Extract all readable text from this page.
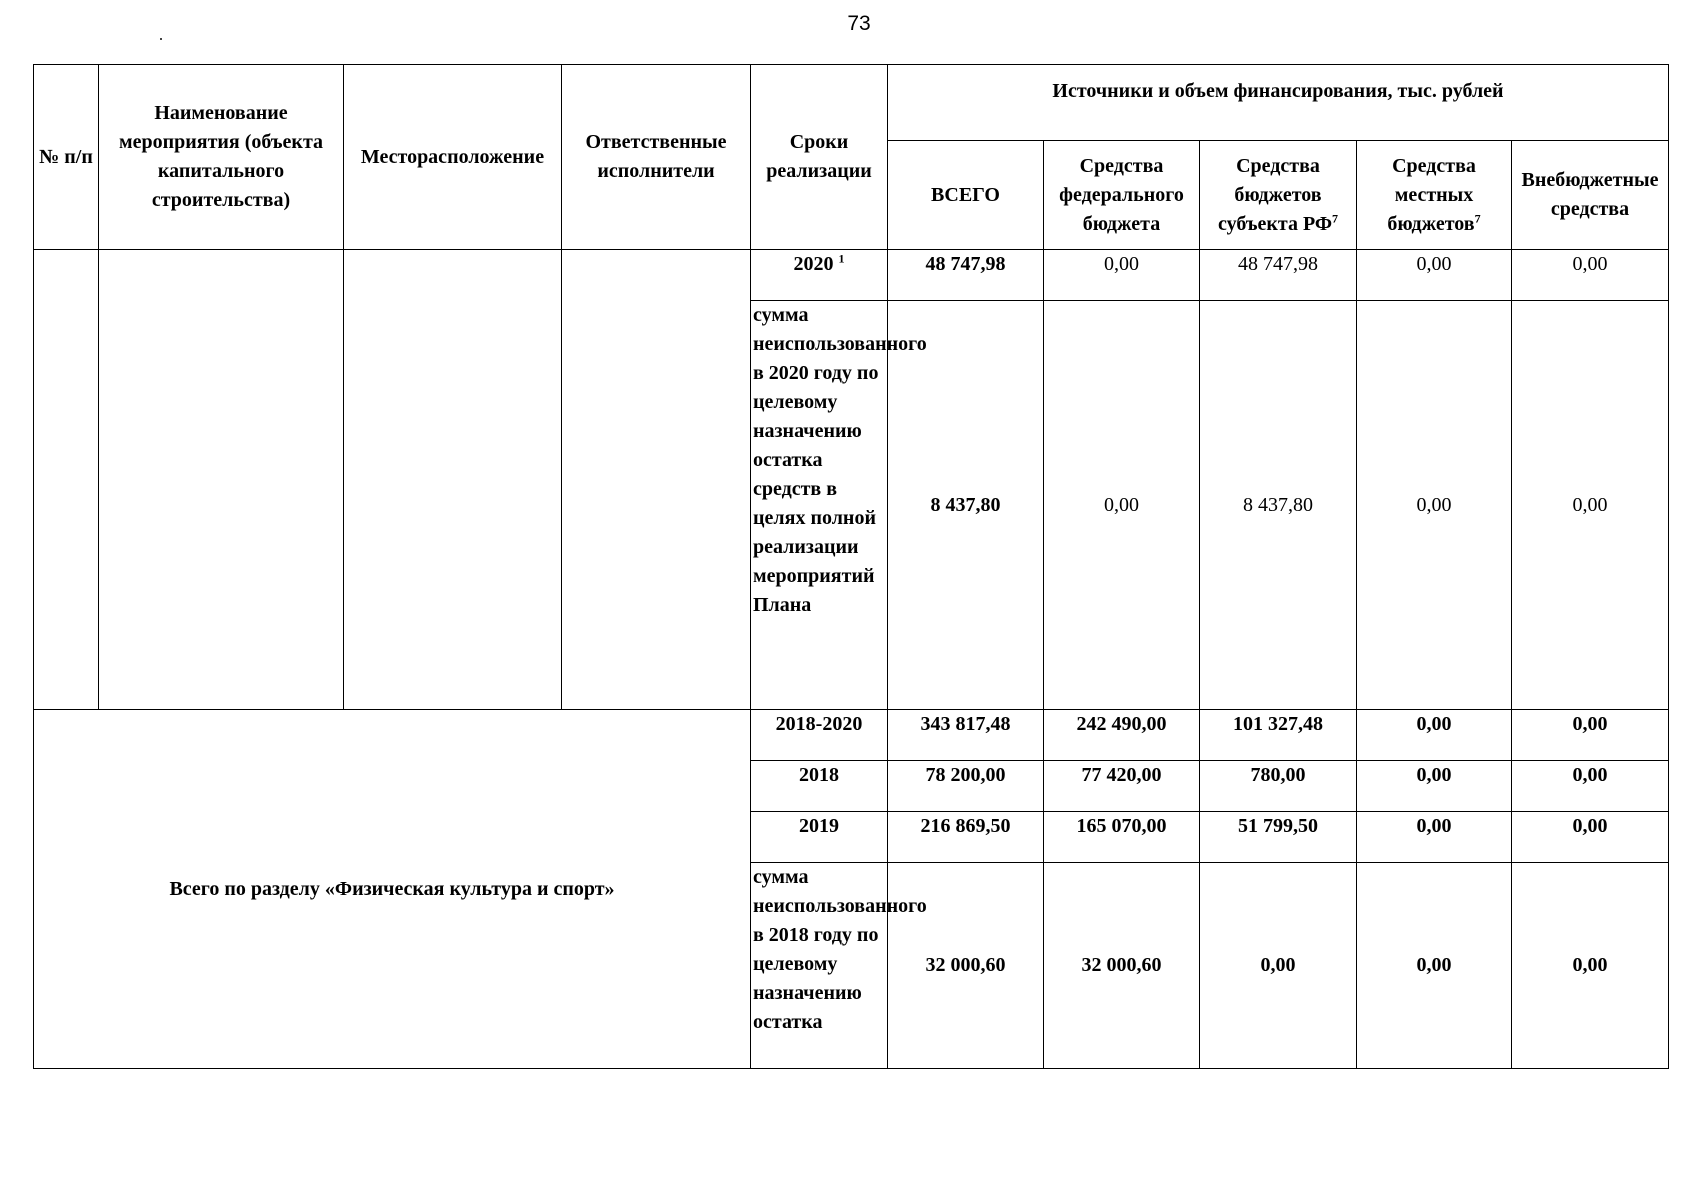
73
№ п/п	Наименование мероприятия (объекта капитального строительства)	Месторасположение	Ответственные исполнители	Сроки реализации	Источники и объем финансирования, тыс. рублей				
					ВСЕГО	Средства федерального бюджета	Средства бюджетов субъекта $РФ^7$	Средства местных бюджетов$^7$	Внебюджетные средства
				2020 $^1$	48 747,98	0,00	48 747,98	0,00	0,00
				сумма неиспользованного в 2020 году по целевому назначению остатка средств в целях полной реализации мероприятий Плана	8 437,80	0,00	8 437,80	0,00	0,00
Всего по разделу «Физическая культура и спорт»				2018-2020	343 817,48	242 490,00	101 327,48	0,00	0,00
				2018	78 200,00	77 420,00	780,00	0,00	0,00
				2019	216 869,50	165 070,00	51 799,50	0,00	0,00
				сумма неиспользованного в 2018 году по целевому назначению остатка	32 000,60	32 000,60	0,00	0,00	0,00
